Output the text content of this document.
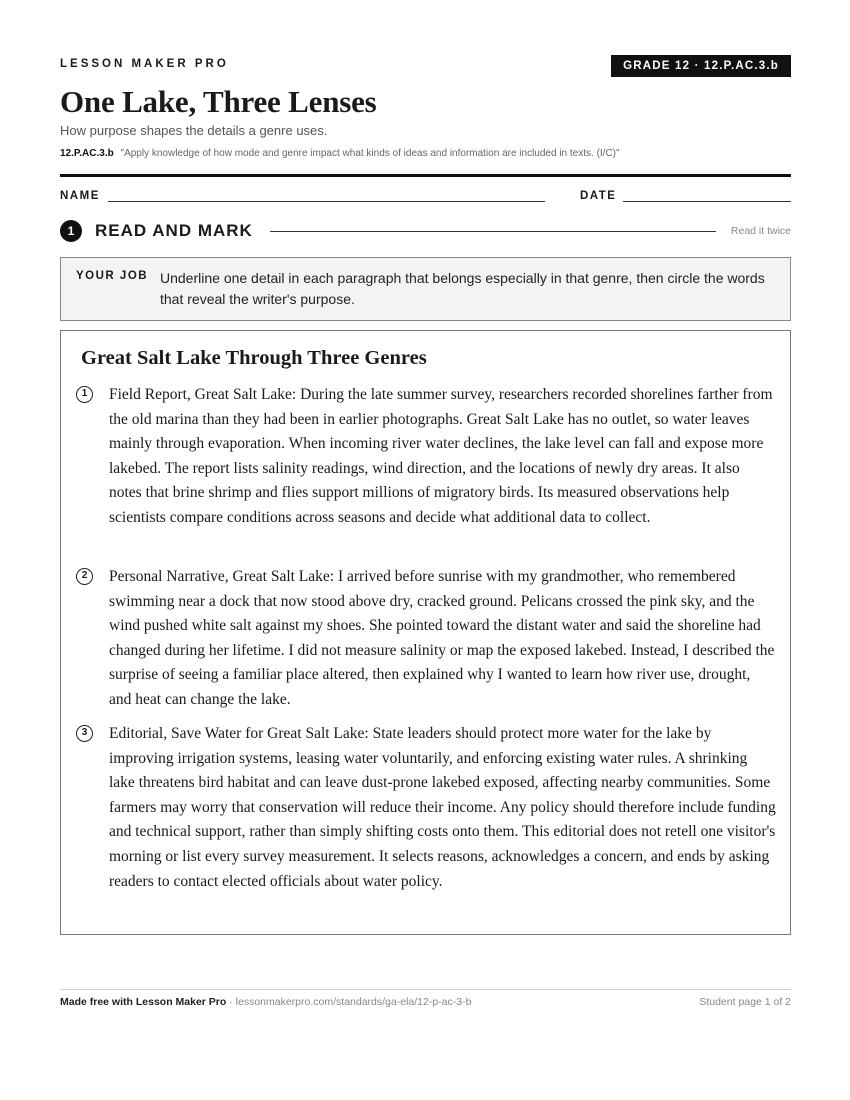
LESSON MAKER PRO	GRADE 12 · 12.P.AC.3.b
One Lake, Three Lenses
How purpose shapes the details a genre uses.
12.P.AC.3.b "Apply knowledge of how mode and genre impact what kinds of ideas and information are included in texts. (I/C)"
NAME	DATE
1	READ AND MARK	Read it twice
YOUR JOB Underline one detail in each paragraph that belongs especially in that genre, then circle the words that reveal the writer's purpose.
Great Salt Lake Through Three Genres
1	Field Report, Great Salt Lake: During the late summer survey, researchers recorded shorelines farther from the old marina than they had been in earlier photographs. Great Salt Lake has no outlet, so water leaves mainly through evaporation. When incoming river water declines, the lake level can fall and expose more lakebed. The report lists salinity readings, wind direction, and the locations of newly dry areas. It also notes that brine shrimp and flies support millions of migratory birds. Its measured observations help scientists compare conditions across seasons and decide what additional data to collect.

2	Personal Narrative, Great Salt Lake: I arrived before sunrise with my grandmother, who remembered swimming near a dock that now stood above dry, cracked ground. Pelicans crossed the pink sky, and the wind pushed white salt against my shoes. She pointed toward the distant water and said the shoreline had changed during her lifetime. I did not measure salinity or map the exposed lakebed. Instead, I described the surprise of seeing a familiar place altered, then explained why I wanted to learn how river use, drought, and heat can change the lake.

3	Editorial, Save Water for Great Salt Lake: State leaders should protect more water for the lake by improving irrigation systems, leasing water voluntarily, and enforcing existing water rules. A shrinking lake threatens bird habitat and can leave dust-prone lakebed exposed, affecting nearby communities. Some farmers may worry that conservation will reduce their income. Any policy should therefore include funding and technical support, rather than simply shifting costs onto them. This editorial does not retell one visitor's morning or list every survey measurement. It selects reasons, acknowledges a concern, and ends by asking readers to contact elected officials about water policy.

Made free with Lesson Maker Pro · lessonmakerpro.com/standards/ga-ela/12-p-ac-3-b	Student page 1 of 2
